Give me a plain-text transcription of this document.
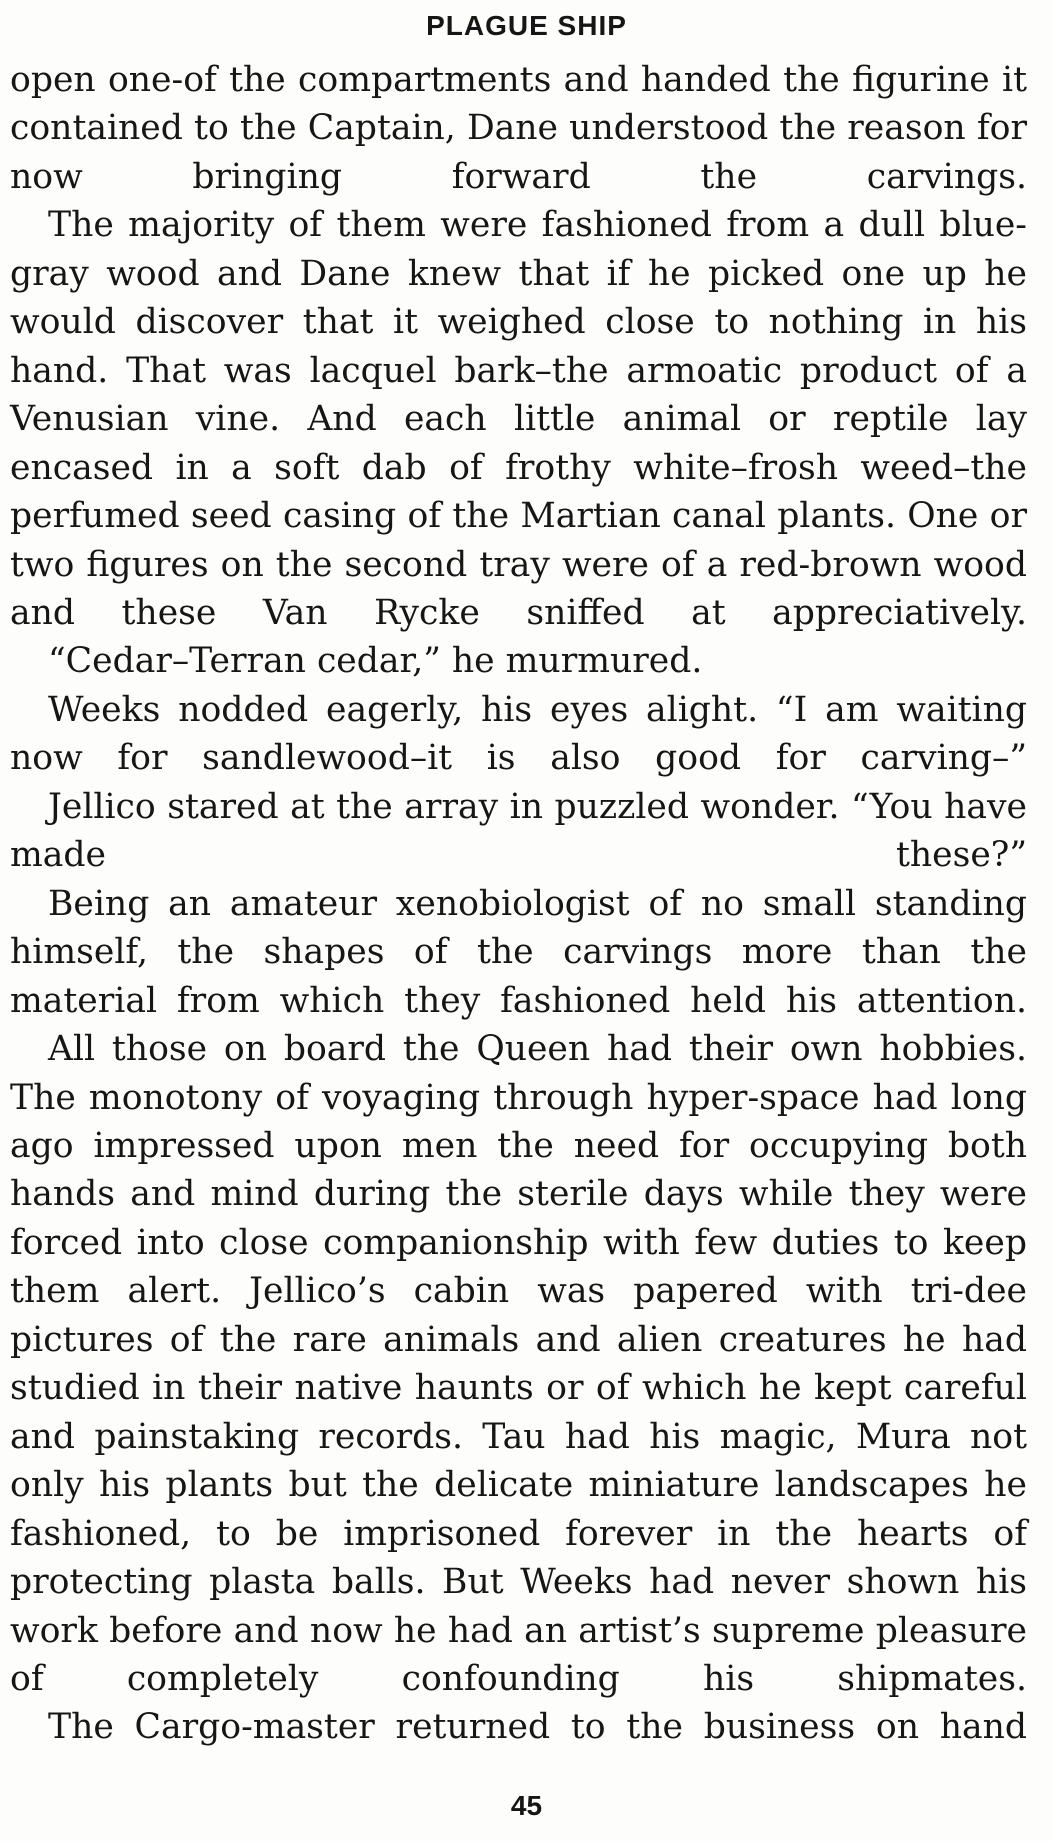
PLAGUE SHIP

open one-of the compartments and handed the figurine it contained to the Captain, Dane understood the reason for now bringing forward the carvings.

The majority of them were fashioned from a dull blue-gray wood and Dane knew that if he picked one up he would discover that it weighed close to nothing in his hand. That was lacquel bark–the armoatic product of a Venusian vine. And each little animal or reptile lay encased in a soft dab of frothy white–frosh weed–the perfumed seed casing of the Martian canal plants. One or two figures on the second tray were of a red-brown wood and these Van Rycke sniffed at appreciatively.

“Cedar–Terran cedar,” he murmured.

Weeks nodded eagerly, his eyes alight. “I am waiting now for sandlewood–it is also good for carving–”

Jellico stared at the array in puzzled wonder. “You have made these?”

Being an amateur xenobiologist of no small standing himself, the shapes of the carvings more than the material from which they fashioned held his attention.

All those on board the Queen had their own hobbies. The monotony of voyaging through hyper-space had long ago impressed upon men the need for occupying both hands and mind during the sterile days while they were forced into close companionship with few duties to keep them alert. Jellico’s cabin was papered with tri-dee pictures of the rare animals and alien creatures he had studied in their native haunts or of which he kept careful and painstaking records. Tau had his magic, Mura not only his plants but the delicate miniature landscapes he fashioned, to be imprisoned forever in the hearts of protecting plasta balls. But Weeks had never shown his work before and now he had an artist’s supreme pleasure of completely confounding his shipmates.

The Cargo-master returned to the business on hand

45
